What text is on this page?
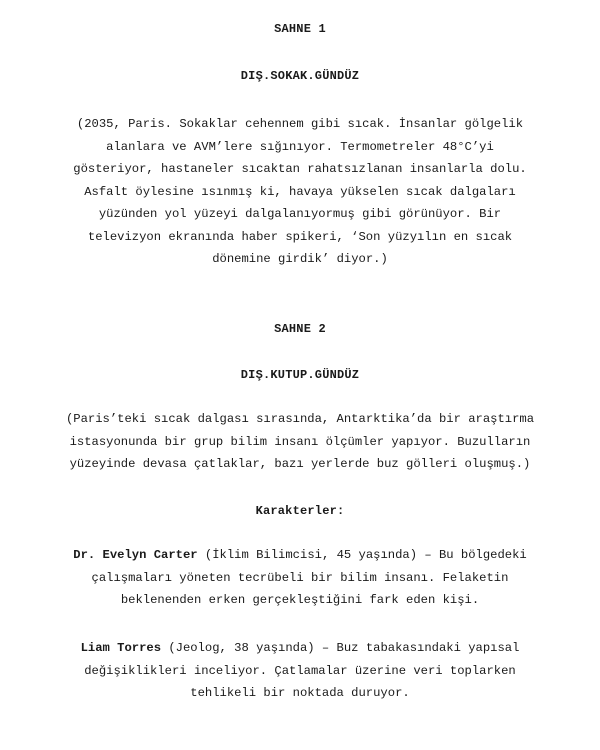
SAHNE 1
DIŞ.SOKAK.GÜNDÜZ
(2035, Paris. Sokaklar cehennem gibi sıcak. İnsanlar gölgelik
alanlara ve AVM’lere sığınıyor. Termometreler 48°C’yi
gösteriyor, hastaneler sıcaktan rahatsızlanan insanlarla dolu.
Asfalt öylesine ısınmış ki, havaya yükselen sıcak dalgaları
yüzünden yol yüzeyi dalgalanıyormuş gibi görünüyor. Bir
televizyon ekranında haber spikeri, ‘Son yüzyılın en sıcak
dönemine girdik’ diyor.)
SAHNE 2
DIŞ.KUTUP.GÜNDÜZ
(Paris’teki sıcak dalgası sırasında, Antarktika’da bir araştırma
istasyonunda bir grup bilim insanı ölçümler yapıyor. Buzulların
yüzeyinde devasa çatlaklar, bazı yerlerde buz gölleri oluşmuş.)
Karakterler:
Dr. Evelyn Carter (İklim Bilimcisi, 45 yaşında) – Bu bölgedeki
çalışmaları yöneten tecrübeli bir bilim insanı. Felaketin
beklenenden erken gerçekleştiğini fark eden kişi.
Liam Torres (Jeolog, 38 yaşında) – Buz tabakasındaki yapısal
değişiklikleri inceliyor. Çatlamalar üzerine veri toplarken
tehlikeli bir noktada duruyor.
